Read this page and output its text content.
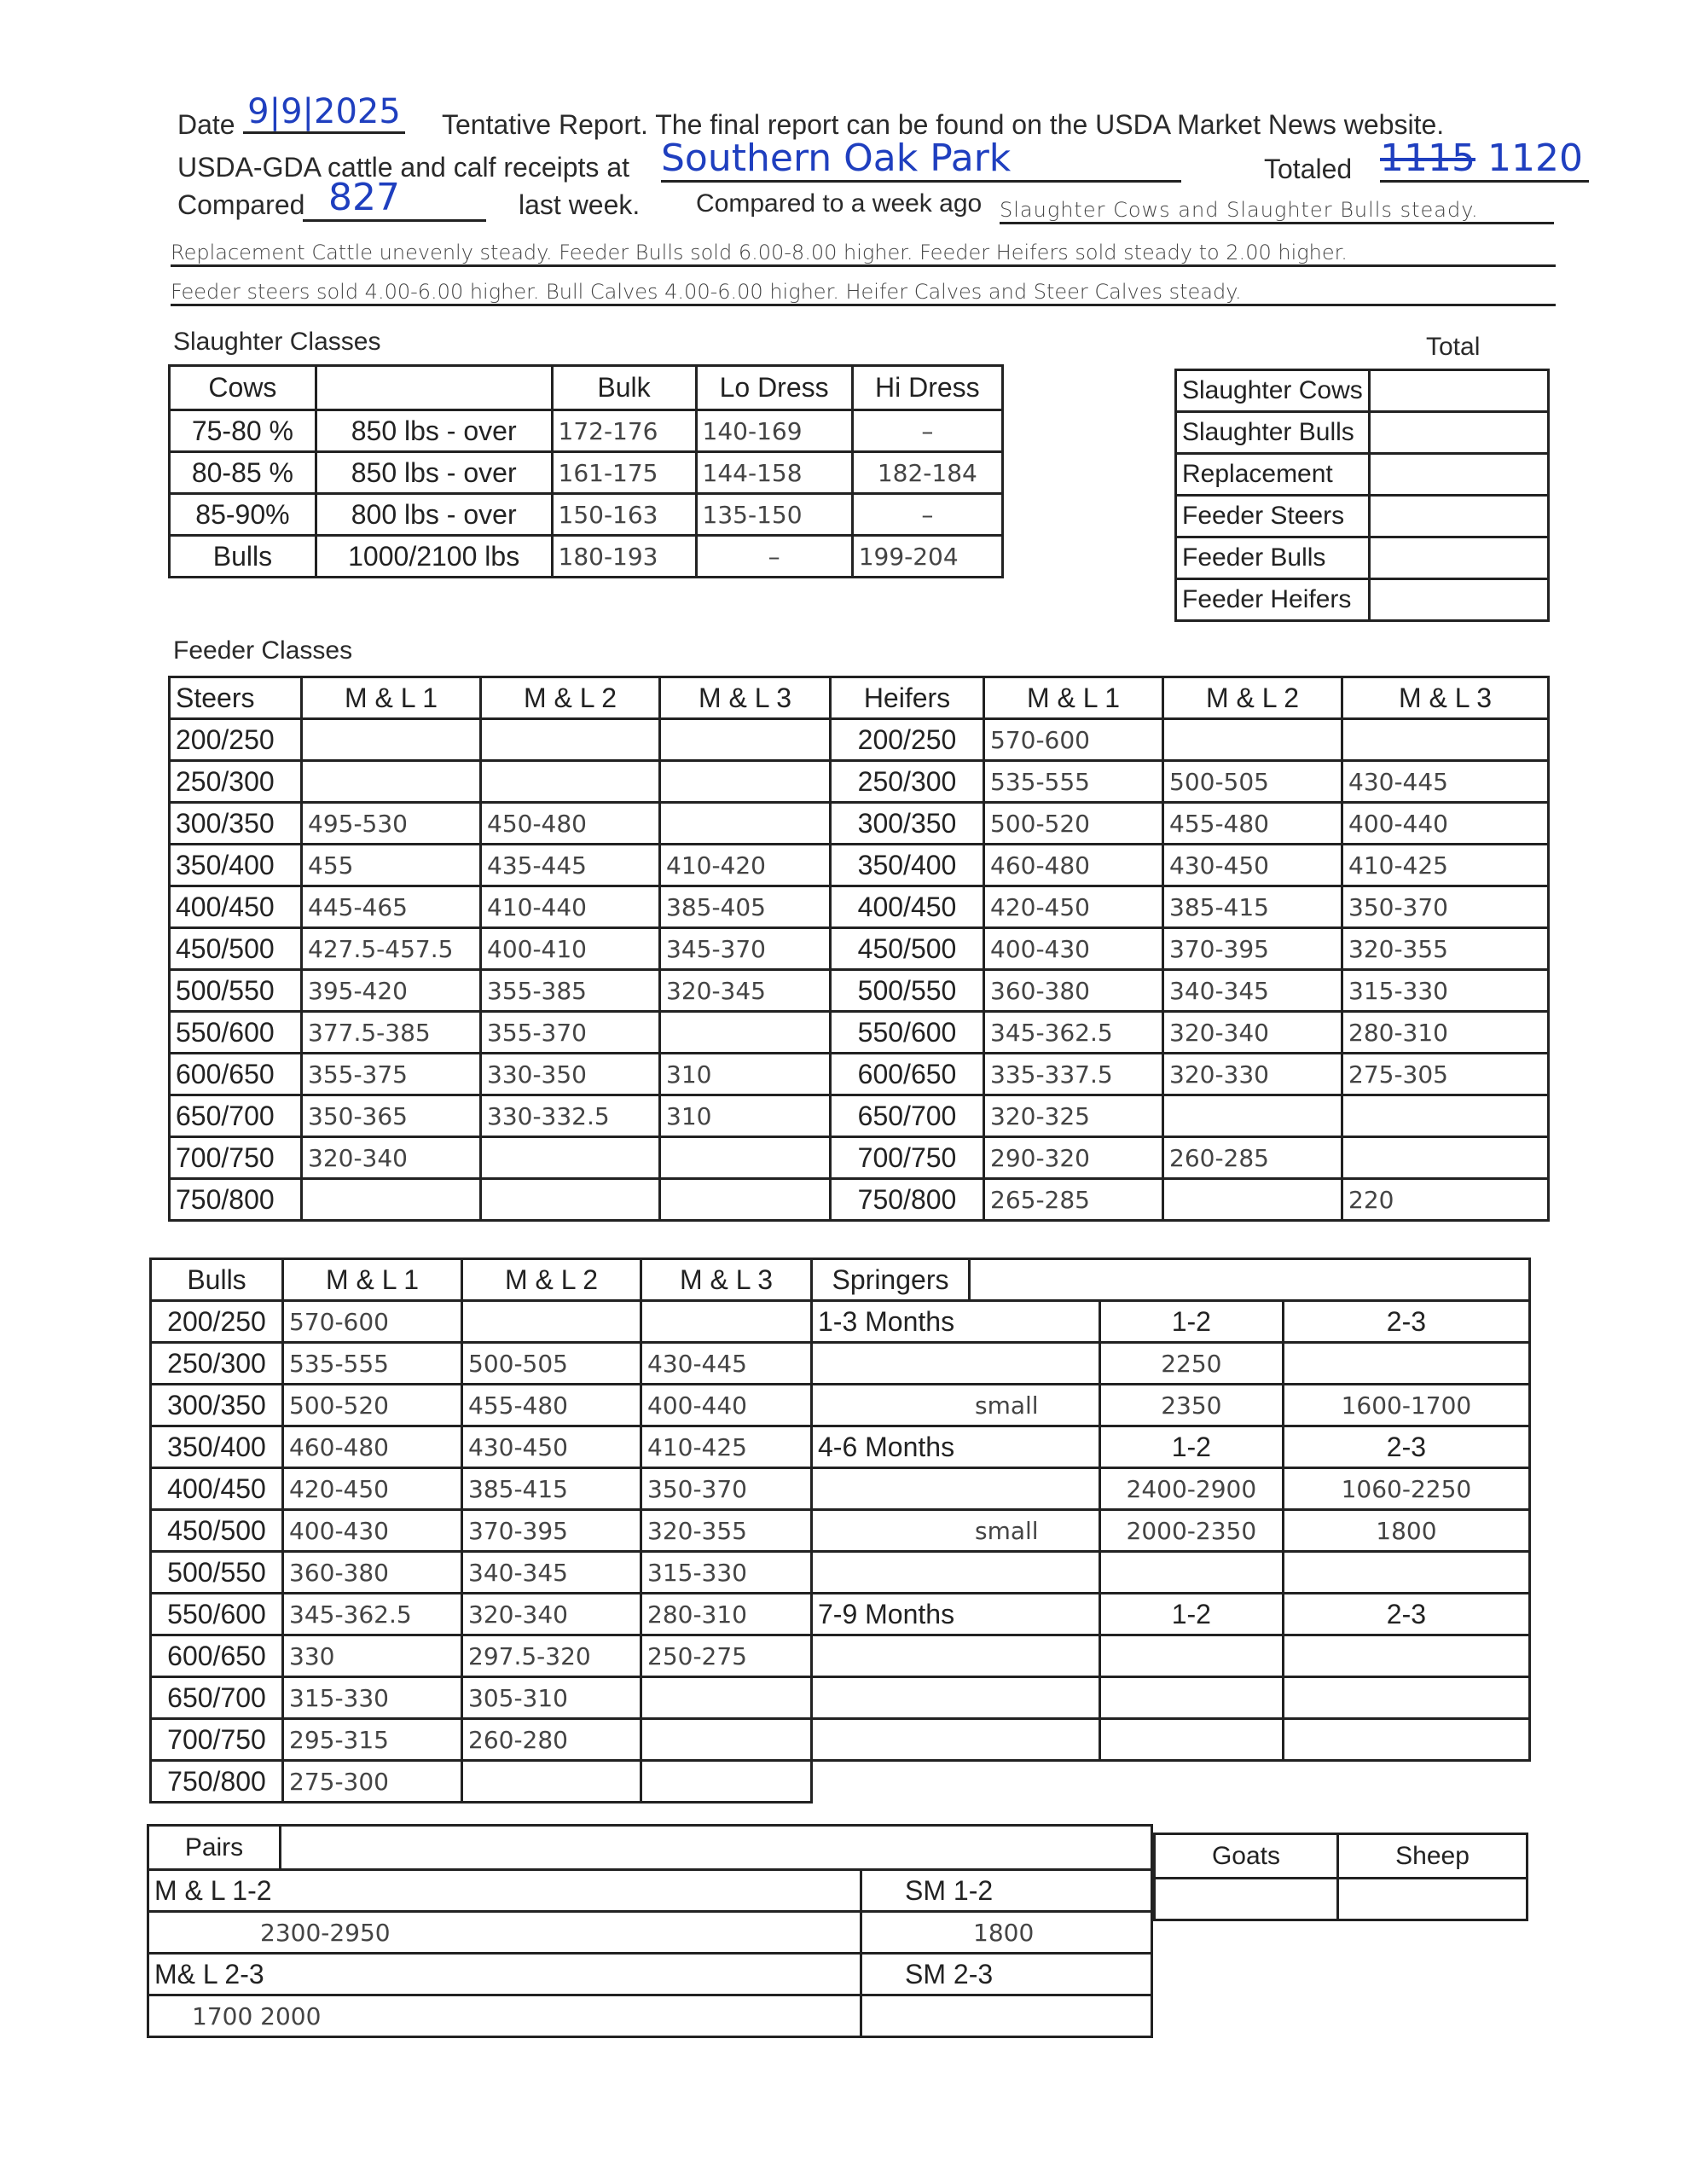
Date 9|9|2025 Tentative Report. The final report can be found on the USDA Market News website.
USDA-GDA cattle and calf receipts at Southern Oak Park	Totaled 1115 1120
Compared 827	last week. Compared to a week ago Slaughter Cows and Slaughter Bulls steady.
Replacement Cattle unevenly steady. Feeder Bulls sold 6.00-8.00 higher. Feeder Heifers sold steady to 2.00 higher.
Feeder steers sold 4.00-6.00 higher. Bull Calves 4.00-6.00 higher. Heifer Calves and Steer Calves steady.
Slaughter Classes
Cows		Bulk	Lo Dress	Hi Dress
75-80 %	850 lbs - over	172-176	140-169	–
80-85 %	850 lbs - over	161-175	144-158	182-184
85-90%	800 lbs - over	150-163	135-150	–
Bulls	1000/2100 lbs	180-193	–	199-204
Total
Slaughter Cows	
Slaughter Bulls	
Replacement	
Feeder Steers	
Feeder Bulls	
Feeder Heifers	
Feeder Classes
Steers	M & L 1	M & L 2	M & L 3	Heifers	M & L 1	M & L 2	M & L 3
200/250				200/250	570-600		
250/300				250/300	535-555	500-505	430-445
300/350	495-530	450-480		300/350	500-520	455-480	400-440
350/400	455	435-445	410-420	350/400	460-480	430-450	410-425
400/450	445-465	410-440	385-405	400/450	420-450	385-415	350-370
450/500	427.5-457.5	400-410	345-370	450/500	400-430	370-395	320-355
500/550	395-420	355-385	320-345	500/550	360-380	340-345	315-330
550/600	377.5-385	355-370		550/600	345-362.5	320-340	280-310
600/650	355-375	330-350	310	600/650	335-337.5	320-330	275-305
650/700	350-365	330-332.5	310	650/700	320-325		
700/750	320-340			700/750	290-320	260-285	
750/800				750/800	265-285		220
Bulls	M & L 1	M & L 2	M & L 3	Springers			
200/250	570-600			1-3 Months		1-2	2-3
250/300	535-555	500-505	430-445			2250	
300/350	500-520	455-480	400-440	small		2350	1600-1700
350/400	460-480	430-450	410-425	4-6 Months		1-2	2-3
400/450	420-450	385-415	350-370			2400-2900	1060-2250
450/500	400-430	370-395	320-355	small		2000-2350	1800
500/550	360-380	340-345	315-330				
550/600	345-362.5	320-340	280-310	7-9 Months		1-2	2-3
600/650	330	297.5-320	250-275				
650/700	315-330	305-310					
700/750	295-315	260-280					
750/800	275-300						
Pairs		
M & L 1-2		SM 1-2
2300-2950		1800
M& L 2-3		SM 2-3
1700 2000		
Goats	Sheep
